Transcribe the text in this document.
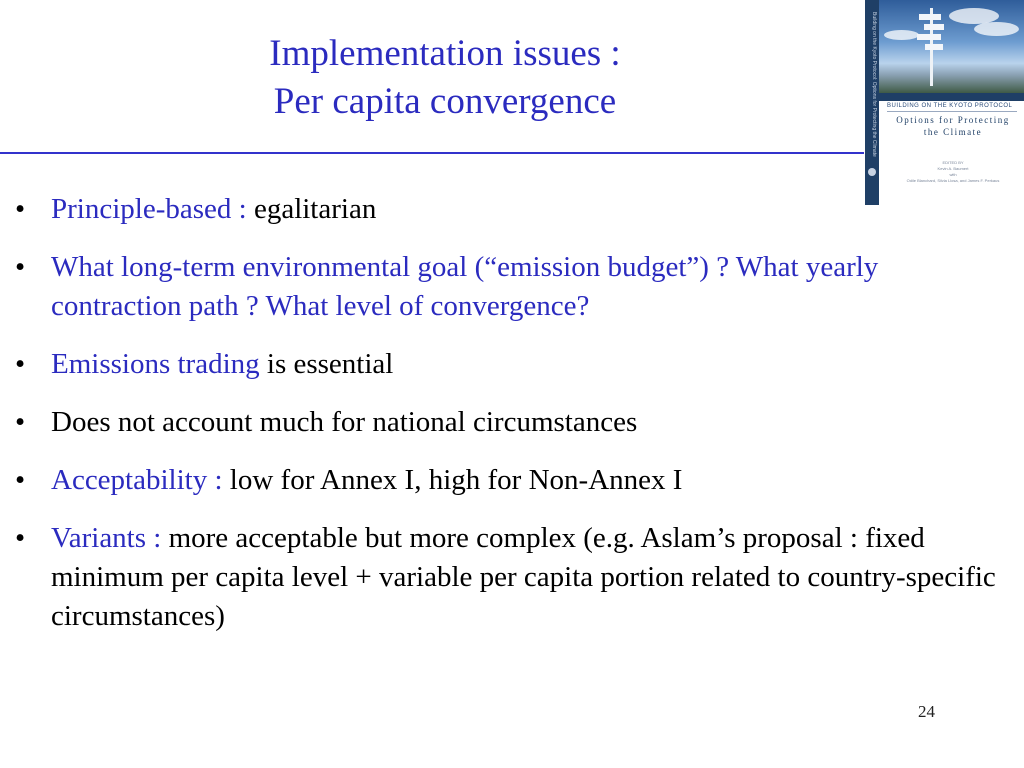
Implementation issues :
Per capita convergence	Building on the Kyoto Protocol: Options for Protecting the Climate BUILDING ON THE KYOTO PROTOCOL
Options for Protecting
the Climate
EDITED BY
Kevin A. Baumert
with
Odile Blanchard, Silvia Llosa, and James F. Perkaus
• Principle-based : egalitarian
• What long-term environmental goal (“emission budget”) ? What yearly contraction path ? What level of convergence?
• Emissions trading is essential
• Does not account much for national circumstances
• Acceptability : low for Annex I, high for Non-Annex I
• Variants : more acceptable but more complex (e.g. Aslam’s proposal : fixed minimum per capita level + variable per capita portion related to country-specific circumstances)
24
